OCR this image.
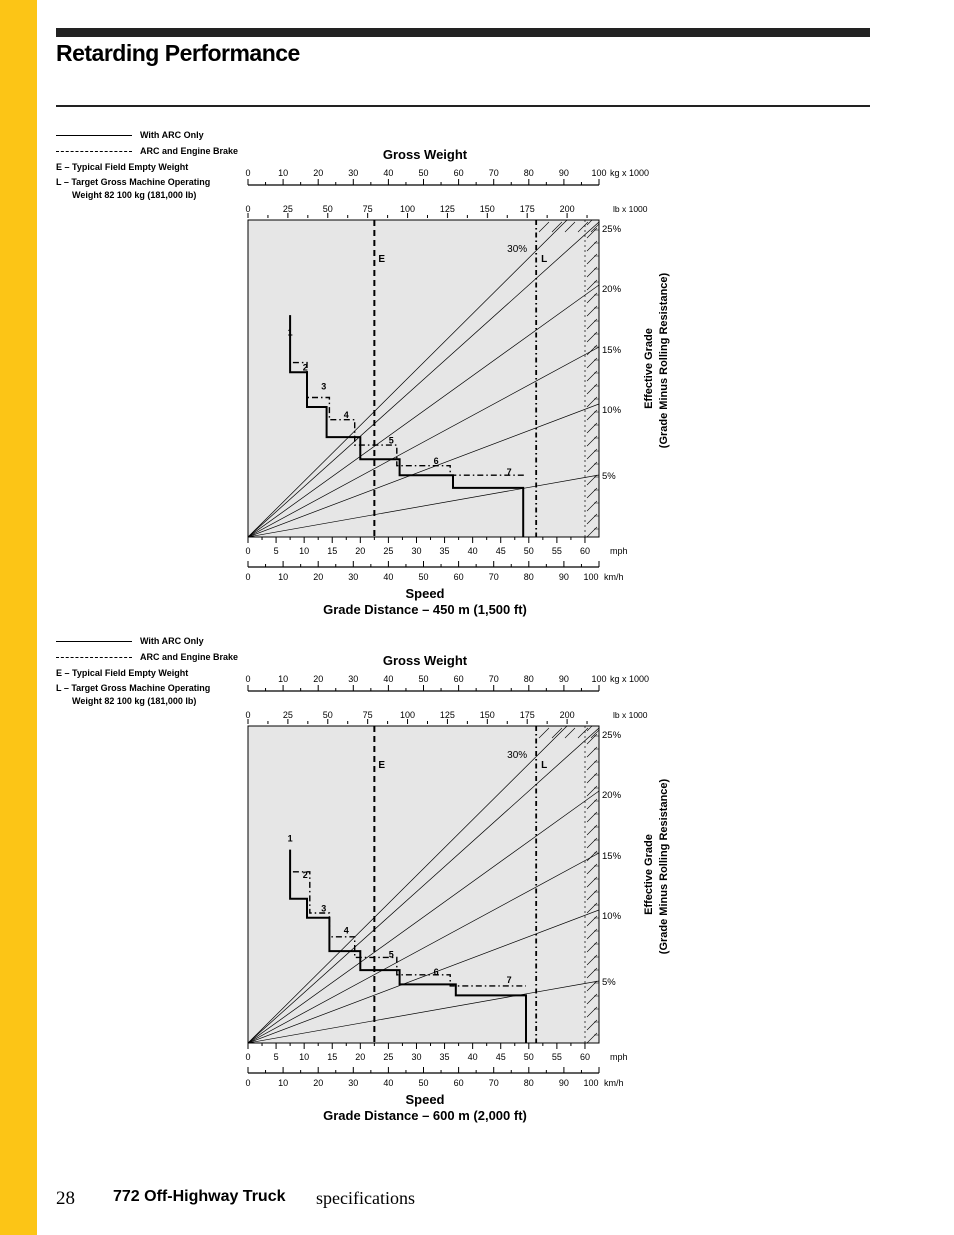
Retarding Performance
E	L
30%
1
2
3
4
5
6
7	5%
10%
15%
20%
25%
Effective Grade (Grade Minus Rolling Resistance)
Gross Weight
0	10	20	30	40	50	60	70	80	90	100 kg x 1000
0	25	50	75	100	125	150	175	200	lb x 1000
0	5 10 15 20 25 30 35 40 45 50 55 60 mph
0	10	20	30	40	50	60	70	80	90 100 km/h
Speed
Grade Distance – 450 m (1,500 ft)
With ARC Only
ARC and Engine Brake
E – Typical Field Empty Weight
L – Target Gross Machine Operating
Weight 82 100 kg (181,000 lb)
E	L
30%
1
2
3
4
5
6
7	5%
10%
15%
20%
25%
Effective Grade (Grade Minus Rolling Resistance)
Gross Weight
0	10	20	30	40	50	60	70	80	90	100 kg x 1000
0	25	50	75	100	125	150	175	200	lb x 1000
0	5 10 15 20 25 30 35 40 45 50 55 60 mph
0	10	20	30	40	50	60	70	80	90 100 km/h
Speed
Grade Distance – 600 m (2,000 ft)
With ARC Only
ARC and Engine Brake
E – Typical Field Empty Weight
L – Target Gross Machine Operating
Weight 82 100 kg (181,000 lb)
28 772 Off-Highway Truck specifications
